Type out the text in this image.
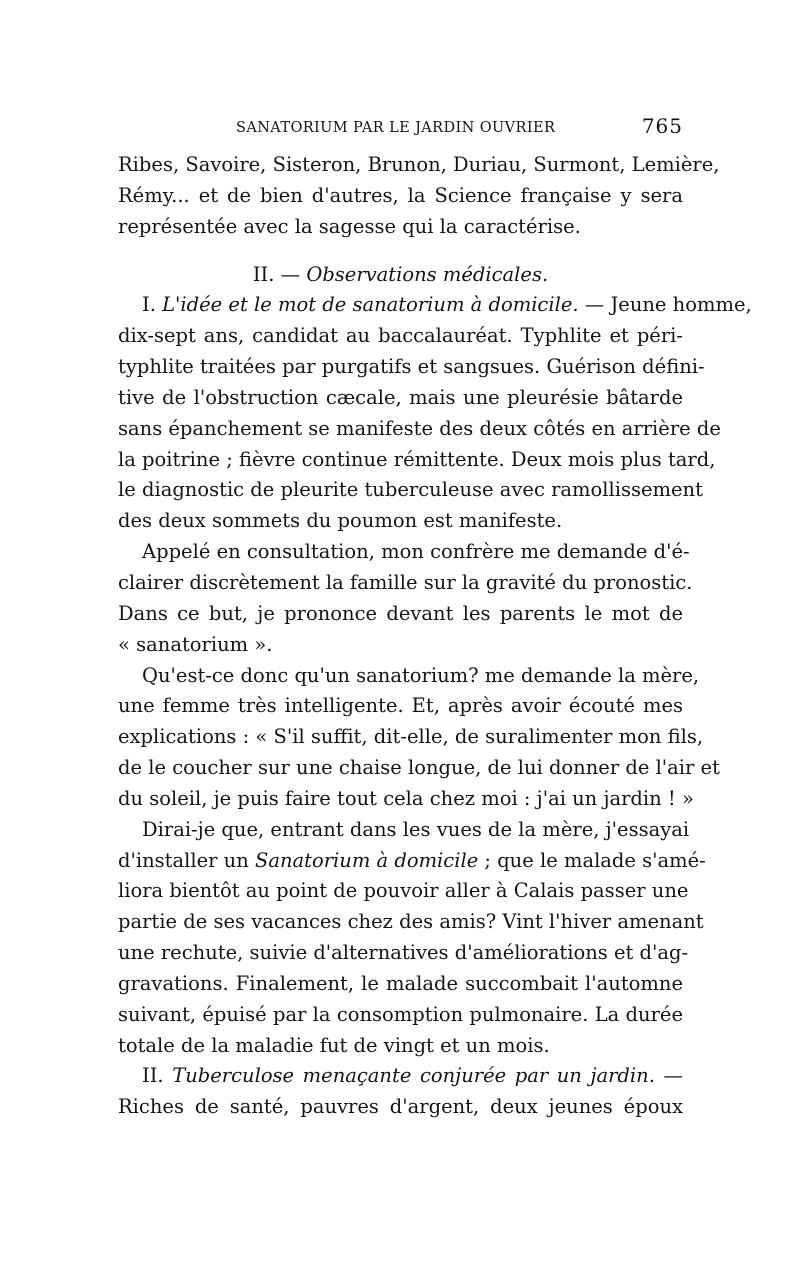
SANATORIUM PAR LE JARDIN OUVRIER	765
Ribes, Savoire, Sisteron, Brunon, Duriau, Surmont, Lemière,
Rémy... et de bien d'autres, la Science française y sera
représentée avec la sagesse qui la caractérise.
II. — Observations médicales.
I. L'idée et le mot de sanatorium à domicile. — Jeune homme,
dix-sept ans, candidat au baccalauréat. Typhlite et péri-
typhlite traitées par purgatifs et sangsues. Guérison défini-
tive de l'obstruction cæcale, mais une pleurésie bâtarde
sans épanchement se manifeste des deux côtés en arrière de
la poitrine ; fièvre continue rémittente. Deux mois plus tard,
le diagnostic de pleurite tuberculeuse avec ramollissement
des deux sommets du poumon est manifeste.
Appelé en consultation, mon confrère me demande d'é-
clairer discrètement la famille sur la gravité du pronostic.
Dans ce but, je prononce devant les parents le mot de
« sanatorium ».
Qu'est-ce donc qu'un sanatorium? me demande la mère,
une femme très intelligente. Et, après avoir écouté mes
explications : « S'il suffit, dit-elle, de suralimenter mon fils,
de le coucher sur une chaise longue, de lui donner de l'air et
du soleil, je puis faire tout cela chez moi : j'ai un jardin ! »
Dirai-je que, entrant dans les vues de la mère, j'essayai
d'installer un Sanatorium à domicile ; que le malade s'amé-
liora bientôt au point de pouvoir aller à Calais passer une
partie de ses vacances chez des amis? Vint l'hiver amenant
une rechute, suivie d'alternatives d'améliorations et d'ag-
gravations. Finalement, le malade succombait l'automne
suivant, épuisé par la consomption pulmonaire. La durée
totale de la maladie fut de vingt et un mois.
II. Tuberculose menaçante conjurée par un jardin. —
Riches de santé, pauvres d'argent, deux jeunes époux
